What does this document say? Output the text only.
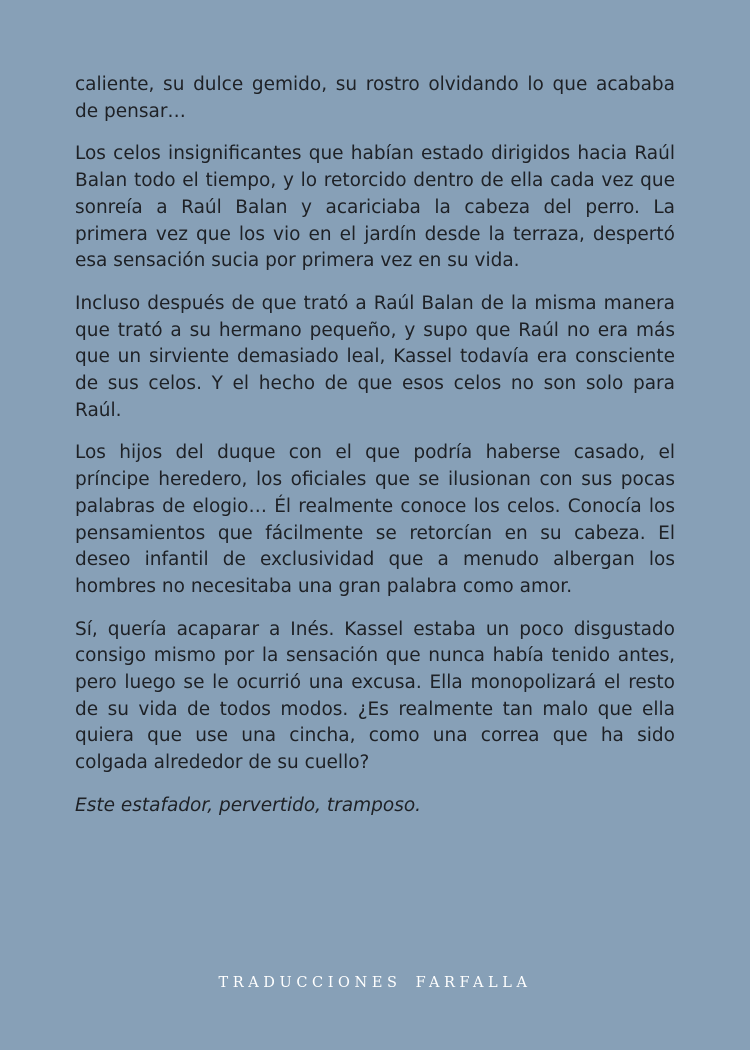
caliente, su dulce gemido, su rostro olvidando lo que acababa de pensar…

Los celos insignificantes que habían estado dirigidos hacia Raúl Balan todo el tiempo, y lo retorcido dentro de ella cada vez que sonreía a Raúl Balan y acariciaba la cabeza del perro. La primera vez que los vio en el jardín desde la terraza, despertó esa sensación sucia por primera vez en su vida.

Incluso después de que trató a Raúl Balan de la misma manera que trató a su hermano pequeño, y supo que Raúl no era más que un sirviente demasiado leal, Kassel todavía era consciente de sus celos. Y el hecho de que esos celos no son solo para Raúl.

Los hijos del duque con el que podría haberse casado, el príncipe heredero, los oficiales que se ilusionan con sus pocas palabras de elogio… Él realmente conoce los celos. Conocía los pensamientos que fácilmente se retorcían en su cabeza. El deseo infantil de exclusividad que a menudo albergan los hombres no necesitaba una gran palabra como amor.

Sí, quería acaparar a Inés. Kassel estaba un poco disgustado consigo mismo por la sensación que nunca había tenido antes, pero luego se le ocurrió una excusa. Ella monopolizará el resto de su vida de todos modos. ¿Es realmente tan malo que ella quiera que use una cincha, como una correa que ha sido colgada alrededor de su cuello?

Este estafador, pervertido, tramposo.

TRADUCCIONES FARFALLA
